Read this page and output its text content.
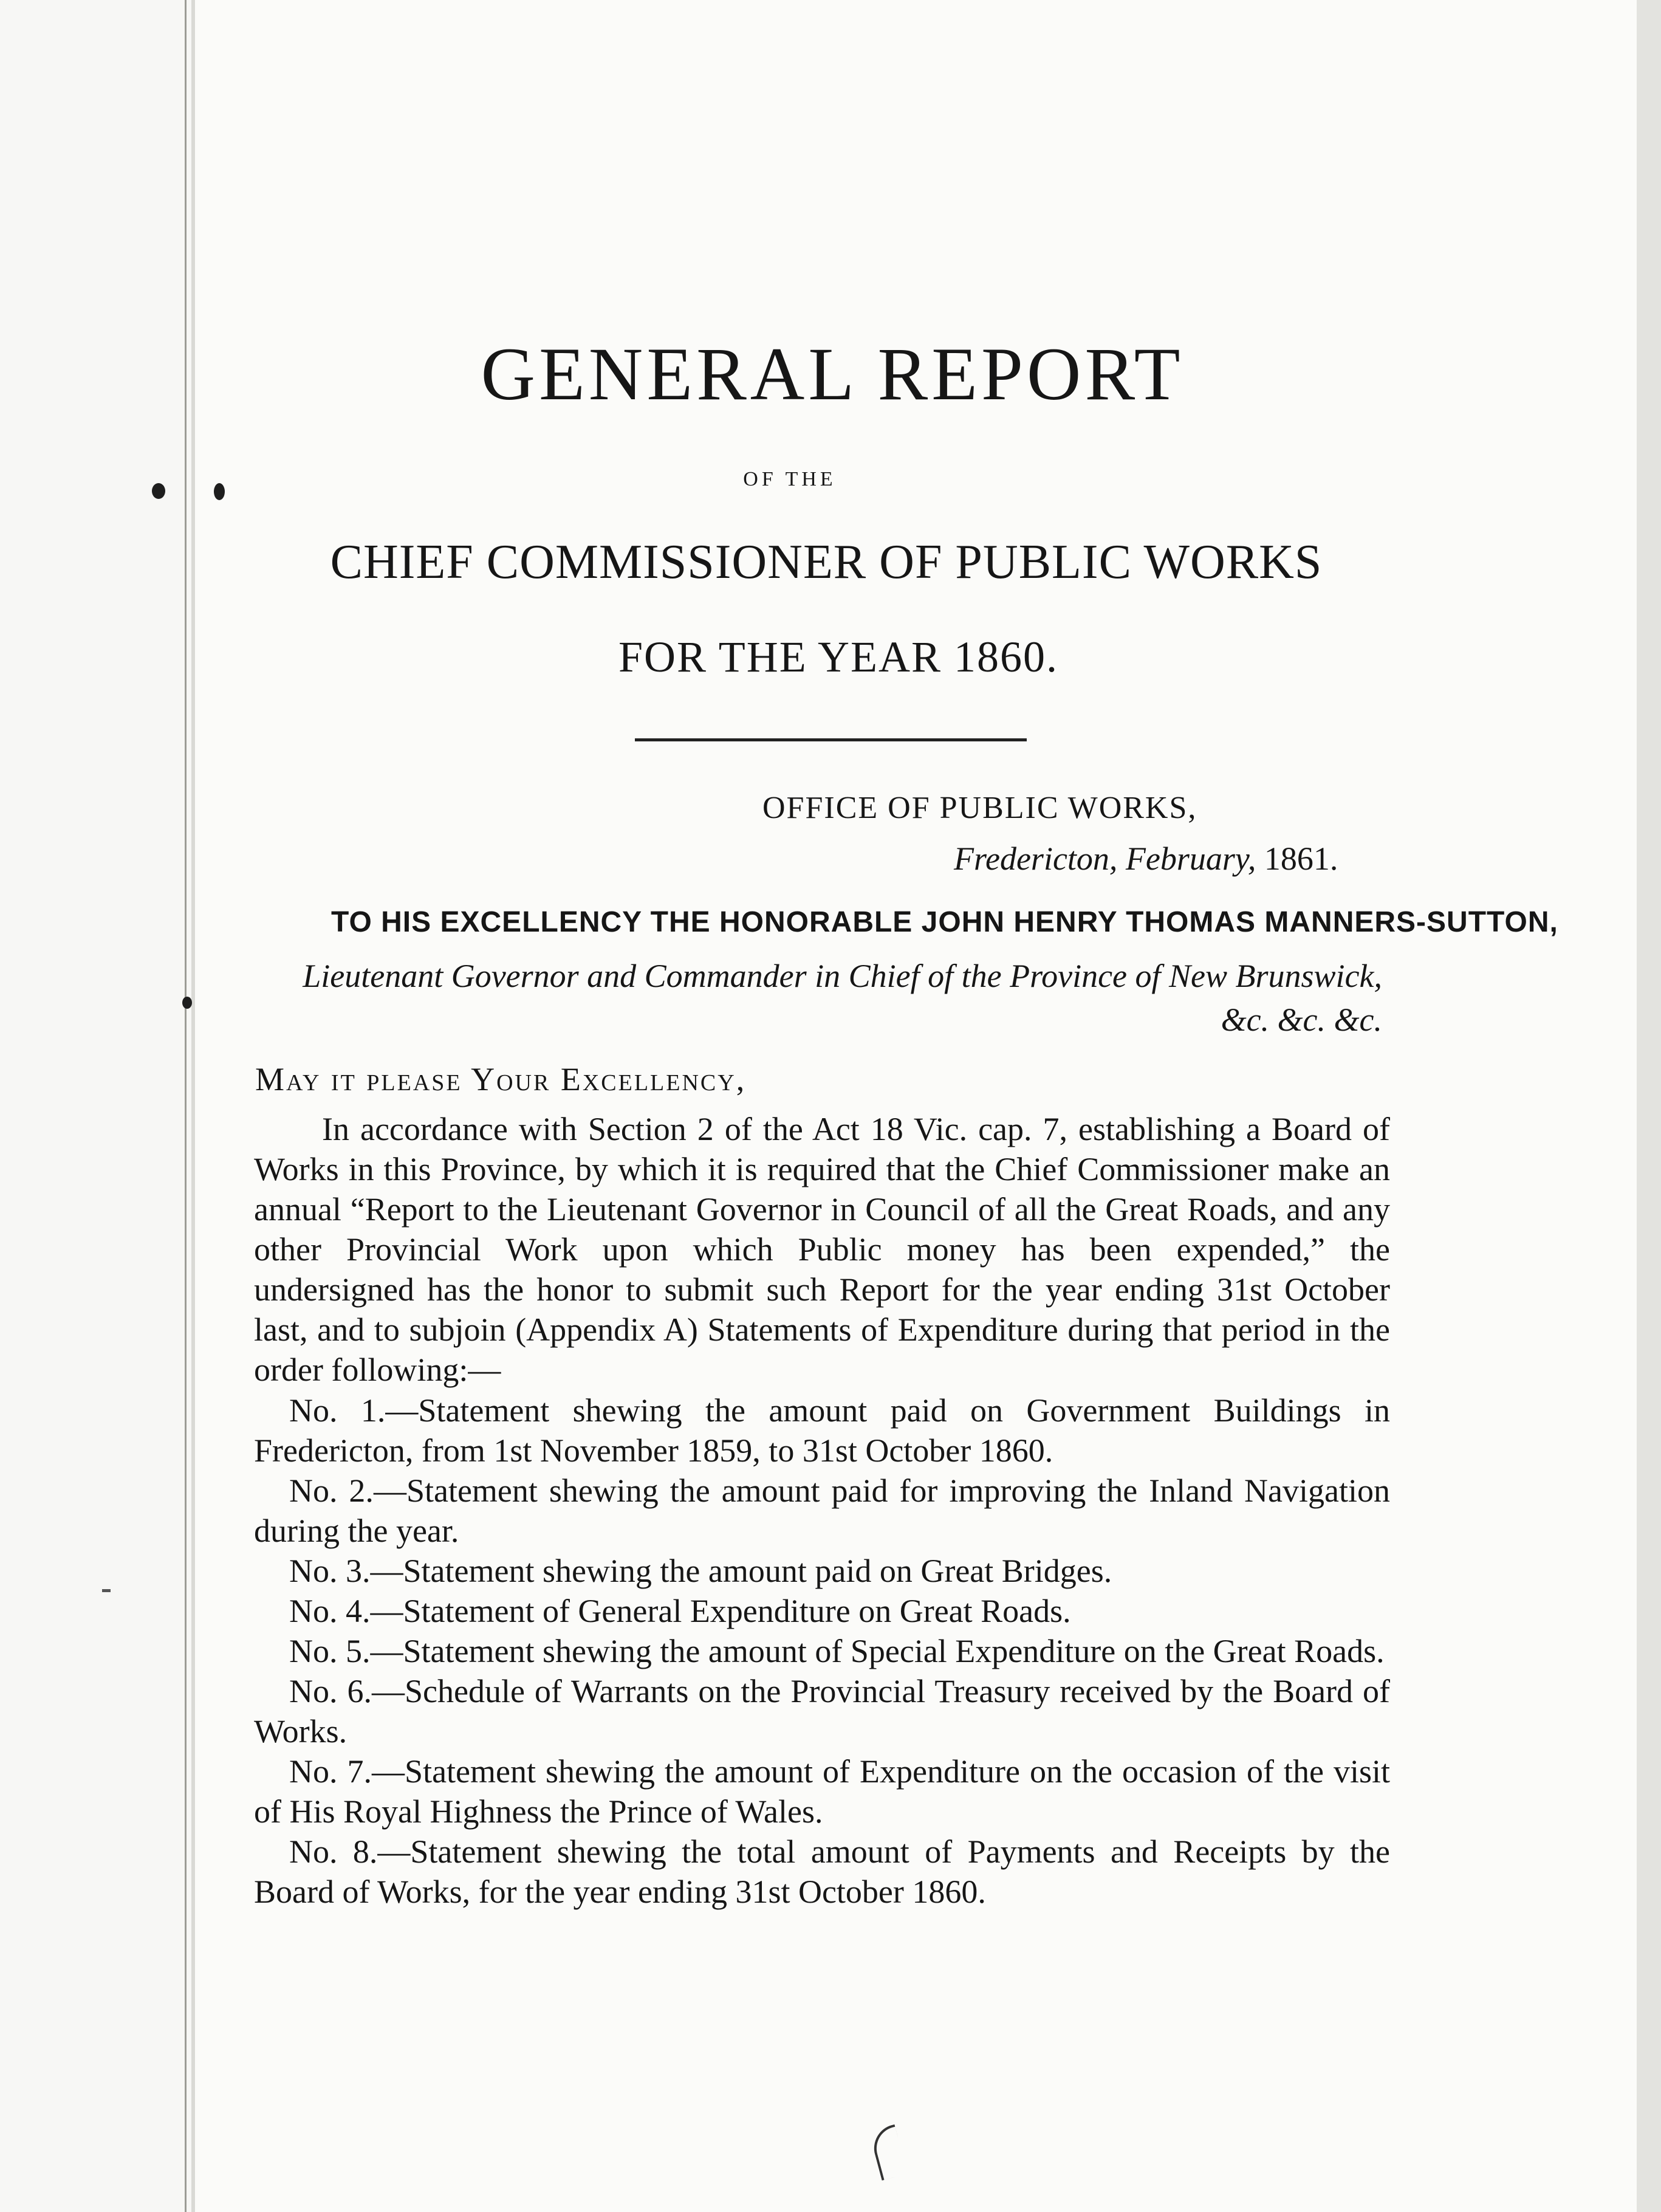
GENERAL REPORT
OF THE
CHIEF COMMISSIONER OF PUBLIC WORKS
FOR THE YEAR 1860.
OFFICE OF PUBLIC WORKS,
Fredericton, February, 1861.
TO HIS EXCELLENCY THE HONORABLE JOHN HENRY THOMAS MANNERS-SUTTON,
Lieutenant Governor and Commander in Chief of the Province of New Brunswick, &c. &c. &c.
May it please Your Excellency,
In accordance with Section 2 of the Act 18 Vic. cap. 7, establishing a Board of Works in this Province, by which it is required that the Chief Commissioner make an annual “Report to the Lieutenant Governor in Council of all the Great Roads, and any other Provincial Work upon which Public money has been expended,” the undersigned has the honor to submit such Report for the year ending 31st October last, and to subjoin (Appendix A) Statements of Expenditure during that period in the order following:—
No. 1.—Statement shewing the amount paid on Government Buildings in Fredericton, from 1st November 1859, to 31st October 1860.
No. 2.—Statement shewing the amount paid for improving the Inland Navigation during the year.
No. 3.—Statement shewing the amount paid on Great Bridges.
No. 4.—Statement of General Expenditure on Great Roads.
No. 5.—Statement shewing the amount of Special Expenditure on the Great Roads.
No. 6.—Schedule of Warrants on the Provincial Treasury received by the Board of Works.
No. 7.—Statement shewing the amount of Expenditure on the occasion of the visit of His Royal Highness the Prince of Wales.
No. 8.—Statement shewing the total amount of Payments and Receipts by the Board of Works, for the year ending 31st October 1860.
